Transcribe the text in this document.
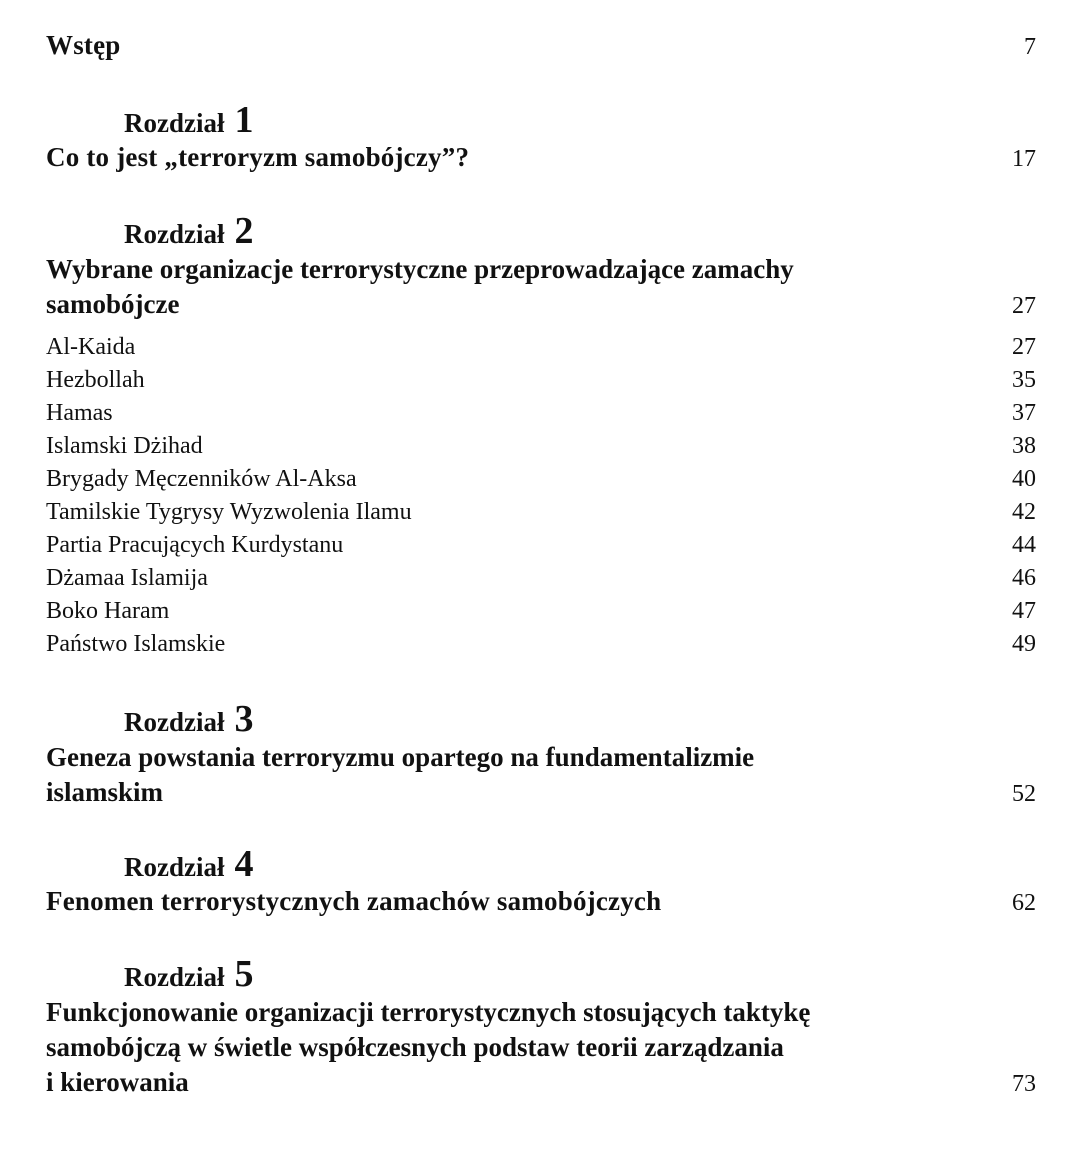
Wstęp	7
Rozdział 1
Co to jest „terroryzm samobójczy”?	17
Rozdział 2
Wybrane organizacje terrorystyczne przeprowadzające zamachy
samobójcze	27
Al-Kaida	27
Hezbollah	35
Hamas	37
Islamski Dżihad	38
Brygady Męczenników Al-Aksa	40
Tamilskie Tygrysy Wyzwolenia Ilamu	42
Partia Pracujących Kurdystanu	44
Dżamaa Islamija	46
Boko Haram	47
Państwo Islamskie	49
Rozdział 3
Geneza powstania terroryzmu opartego na fundamentalizmie
islamskim	52
Rozdział 4
Fenomen terrorystycznych zamachów samobójczych	62
Rozdział 5
Funkcjonowanie organizacji terrorystycznych stosujących taktykę
samobójczą w świetle współczesnych podstaw teorii zarządzania
i kierowania	73
